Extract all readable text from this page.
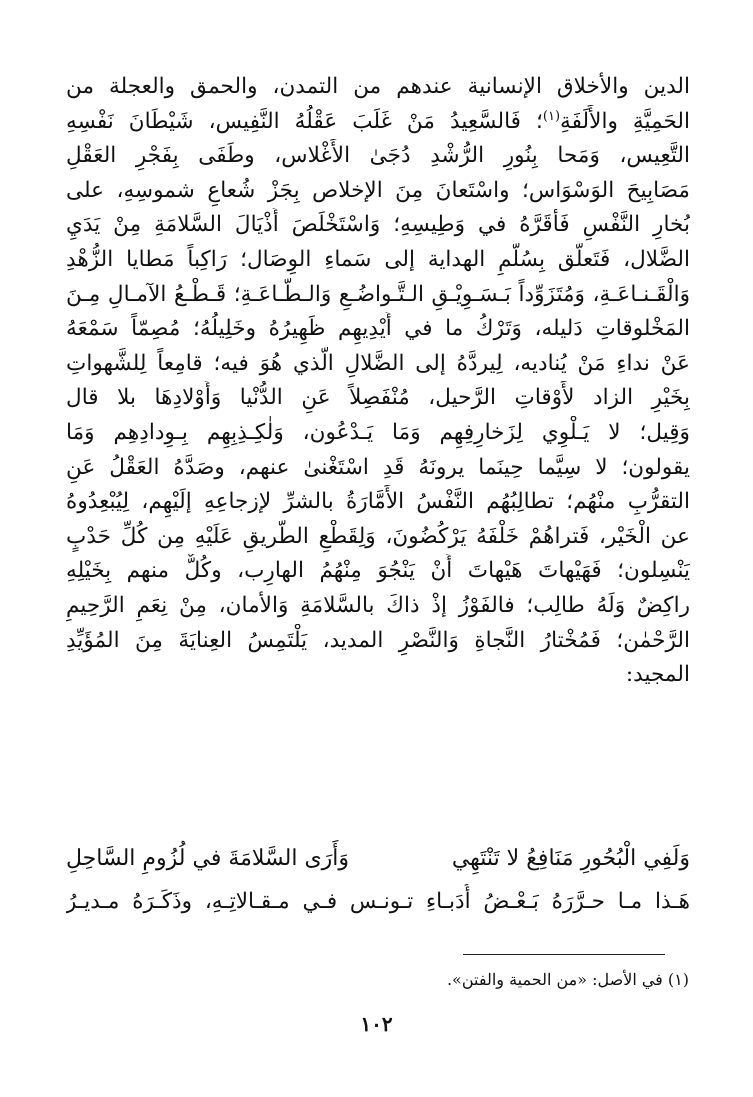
الدين والأخلاق الإنسانية عندهم من التمدن، والحمق والعجلة من
الحَمِيَّةِ والأَلَفَةِ$^{(١)}$؛ فَالسَّعِيدُ مَنْ غَلَبَ عَقْلُهُ النَّفِيس، شَيْطَانَ نَفْسِهِ
التَّعِيس، وَمَحا بِنُورِ الرُّشْدِ دُجَىٰ الأَغْلاس، وطَفَى بِفَجْرِ العَقْلِ
مَصَابِيحَ الوَسْوَاس؛ واسْتَعانَ مِنَ الإخلاص بِجَزْ شُعاعِ شموسِهِ، على
بُخارِ النَّفْسِ فَأَقَرَّهُ في وَطِيسِهِ؛ وَاسْتَخْلَصَ أَذْيَالَ السَّلامَةِ مِنْ يَدَيِ
الضَّلال، فَتَعلَّق بِسُلَّمِ الهداية إلى سَماءِ الوِصَال؛ رَاكِباً مَطايا الزُّهْدِ
وَالْقَـنـاعَـةِ، وَمُتَزَوِّداً بَـسَـوِيْـقِ الـتَّـواضُـعِ وَالـطَّـاعَـةِ؛ قَـطْـعُ الآمـالِ مِـنَ
المَخْلوقاتِ دَليله، وَتَرْكُ ما في أَيْدِيهِم ظَهِيرُهُ وخَلِيلُهُ؛ مُصِمّاً سَمْعَهُ
عَنْ نداءِ مَنْ يُناديه، لِيردَّهُ إلى الضَّلالِ الَّذي هُوَ فيه؛ قامِعاً لِلشَّهواتِ
بِخَيْرِ الزاد لأَوْقاتِ الرَّحيل، مُنْفَصِلاً عَنِ الدُّنْيا وَأَوْلادِهَا بلا قال
وَقِيل؛ لا يَـلْوِي لِزَخارِفِهِم وَمَا يَـدْعُون، وَلٰكِـذِبِهِم بِـوِدادِهِم وَمَا
يقولون؛ لا سِيَّما حِينَما يرونَهُ قَدِ اسْتَغْنىٰ عنهم، وصَدَّهُ العَقْلُ عَنِ
التقرُّبِ منْهُم؛ تطالِبُهُم النَّفْسُ الأَمَّارَةُ بالشرِّ لإزجاعِهِ إلَيْهِم، لِيُبْعِدُوهُ
عن الْخَيْر، فَتراهُمْ خَلْفَهُ يَرْكُضُونَ، وَلِقَطْعِ الطَّريقِ عَلَيْهِ مِن كُلِّ حَدْبٍ
يَنْسِلون؛ فَهَيْهاتَ هَيْهاتَ أَنْ يَنْجُوَ مِنْهُمُ الهارِب، وكُلٌّ منهم بِخَيْلِهِ
راكِضٌ وَلَهُ طالِب؛ فالفَوْزُ إذْ ذاكَ بالسَّلامَةِ وَالأمان، مِنْ نِعَمِ الرَّحِيمِ
الرَّحْمٰن؛ فَمُخْتارُ النَّجاةِ وَالنَّصْرِ المديد، يَلْتَمِسُ العِنايَةَ مِنَ المُؤَيِّدِ
المجيد:
وَلَفِي الْبُحُورِ مَنَافِعُ لا تَنْتَهِي
وَأَرَى السَّلامَةَ في لُزُومِ السَّاحِلِ
هَـذا مـا حـرَّرَهُ بَـعْـضُ أُدَبـاءِ تـونـس فـي مـقـالاتِـهِ، وذَكَـرَهُ مـديـرُ
(١) في الأصل: «من الحمية والفتن».
١٠٢
